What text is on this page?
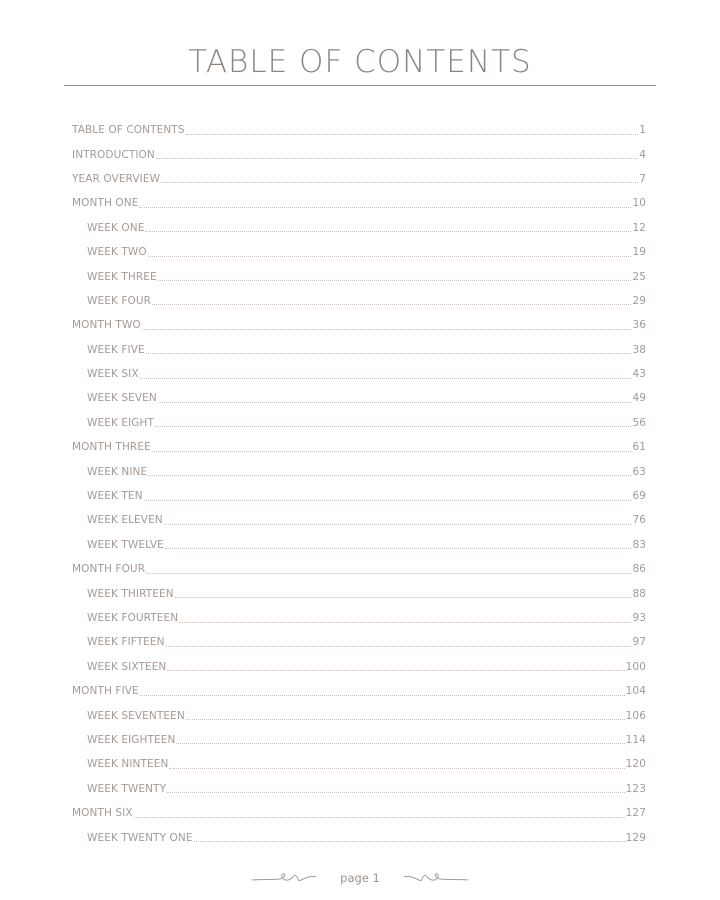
TABLE OF CONTENTS
TABLE OF CONTENTS	1
INTRODUCTION	4
YEAR OVERVIEW	7
MONTH ONE	10
WEEK ONE	12
WEEK TWO	19
WEEK THREE	25
WEEK FOUR	29
MONTH TWO	36
WEEK FIVE	38
WEEK SIX	43
WEEK SEVEN	49
WEEK EIGHT	56
MONTH THREE	61
WEEK NINE	63
WEEK TEN	69
WEEK ELEVEN	76
WEEK TWELVE	83
MONTH FOUR	86
WEEK THIRTEEN	88
WEEK FOURTEEN	93
WEEK FIFTEEN	97
WEEK SIXTEEN	100
MONTH FIVE	104
WEEK SEVENTEEN	106
WEEK EIGHTEEN	114
WEEK NINTEEN	120
WEEK TWENTY	123
MONTH SIX	127
WEEK TWENTY ONE	129
page 1
